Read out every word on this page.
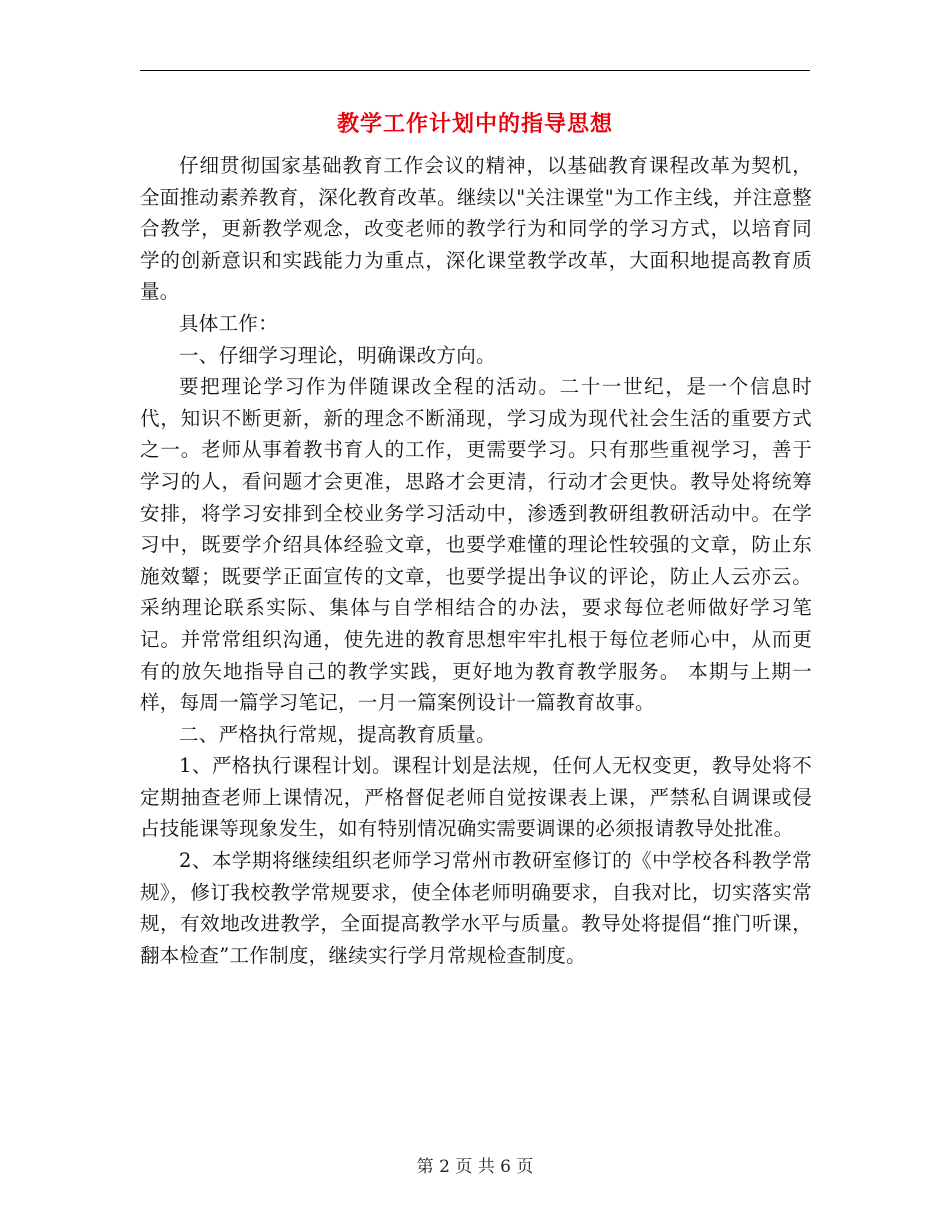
教学工作计划中的指导思想

仔细贯彻国家基础教育工作会议的精神，以基础教育课程改革为契机，全面推动素养教育，深化教育改革。继续以"关注课堂"为工作主线，并注意整合教学，更新教学观念，改变老师的教学行为和同学的学习方式，以培育同学的创新意识和实践能力为重点，深化课堂教学改革，大面积地提高教育质量。

具体工作：

一、仔细学习理论，明确课改方向。

要把理论学习作为伴随课改全程的活动。二十一世纪，是一个信息时代，知识不断更新，新的理念不断涌现，学习成为现代社会生活的重要方式之一。老师从事着教书育人的工作，更需要学习。只有那些重视学习，善于学习的人，看问题才会更准，思路才会更清，行动才会更快。教导处将统筹安排，将学习安排到全校业务学习活动中，渗透到教研组教研活动中。在学习中，既要学介绍具体经验文章，也要学难懂的理论性较强的文章，防止东施效颦；既要学正面宣传的文章，也要学提出争议的评论，防止人云亦云。采纳理论联系实际、集体与自学相结合的办法，要求每位老师做好学习笔记。并常常组织沟通，使先进的教育思想牢牢扎根于每位老师心中，从而更有的放矢地指导自己的教学实践，更好地为教育教学服务。 本期与上期一样，每周一篇学习笔记，一月一篇案例设计一篇教育故事。

二、严格执行常规，提高教育质量。

1、严格执行课程计划。课程计划是法规，任何人无权变更，教导处将不定期抽查老师上课情况，严格督促老师自觉按课表上课，严禁私自调课或侵占技能课等现象发生，如有特别情况确实需要调课的必须报请教导处批准。

2、本学期将继续组织老师学习常州市教研室修订的《中学校各科教学常规》，修订我校教学常规要求，使全体老师明确要求，自我对比，切实落实常规，有效地改进教学，全面提高教学水平与质量。教导处将提倡“推门听课，翻本检查”工作制度，继续实行学月常规检查制度。

第 2 页 共 6 页
